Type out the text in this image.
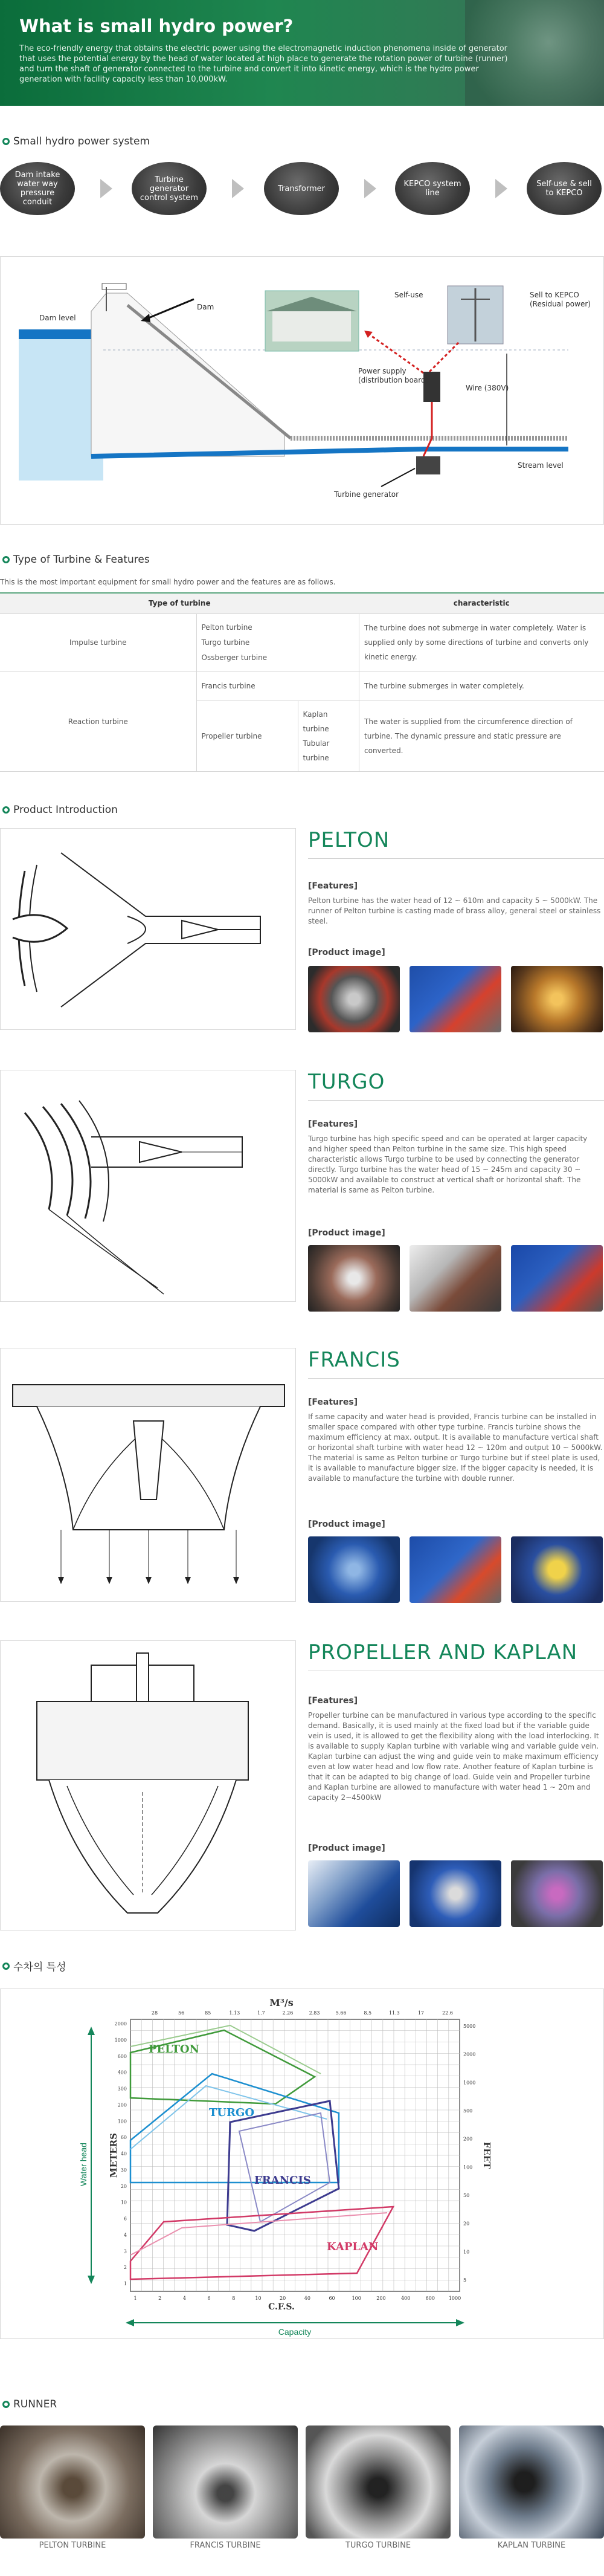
What is small hydro power?

The eco-friendly energy that obtains the electric power using the electromagnetic induction phenomena inside of generator that uses the potential energy by the head of water located at high place to generate the rotation power of turbine (runner) and turn the shaft of generator connected to the turbine and convert it into kinetic energy, which is the hydro power generation with facility capacity less than 10,000kW.

Small hydro power system
Dam intake water way pressure conduit
Turbine generator control system
Transformer	KEPCO system line
Self-use & sell to KEPCO
Dam level
Dam
Self-use	Sell to KEPCO (Residual power)
Power supply (distribution board)
Wire (380V)
Stream level
Turbine generator
Type of Turbine & Features
This is the most important equipment for small hydro power and the features are as follows.
Type of turbine			characteristic
Impulse turbine	Pelton turbine
Turgo turbine
Ossberger turbine		The turbine does not submerge in water completely. Water is supplied only by some directions of turbine and converts only kinetic energy.
Reaction turbine	Francis turbine		The turbine submerges in water completely.
	Propeller turbine	Kaplan turbine
Tubular turbine	The water is supplied from the circumference direction of turbine. The dynamic pressure and static pressure are converted.
Product Introduction
PELTON
[Features]
Pelton turbine has the water head of 12 ~ 610m and capacity 5 ~ 5000kW. The runner of Pelton turbine is casting made of brass alloy, general steel or stainless steel.
[Product image]
TURGO
[Features]
Turgo turbine has high specific speed and can be operated at larger capacity and higher speed than Pelton turbine in the same size. This high speed characteristic allows Turgo turbine to be used by connecting the generator directly. Turgo turbine has the water head of 15 ~ 245m and capacity 30 ~ 5000kW and available to construct at vertical shaft or horizontal shaft. The material is same as Pelton turbine.
[Product image]
FRANCIS
[Features]
If same capacity and water head is provided, Francis turbine can be installed in smaller space compared with other type turbine. Francis turbine shows the maximum efficiency at max. output. It is available to manufacture vertical shaft or horizontal shaft turbine with water head 12 ~ 120m and output 10 ~ 5000kW. The material is same as Pelton turbine or Turgo turbine but if steel plate is used, it is available to manufacture bigger size. If the bigger capacity is needed, it is available to manufacture the turbine with double runner.
[Product image]
PROPELLER AND KAPLAN
[Features]
Propeller turbine can be manufactured in various type according to the specific demand. Basically, it is used mainly at the fixed load but if the variable guide vein is used, it is allowed to get the flexibility along with the load interlocking. It is available to supply Kaplan turbine with variable wing and variable guide vein. Kaplan turbine can adjust the wing and guide vein to make maximum efficiency even at low water head and low flow rate. Another feature of Kaplan turbine is that it can be adapted to big change of load. Guide vein and Propeller turbine and Kaplan turbine are allowed to manufacture with water head 1 ~ 20m and capacity 2~4500kW
[Product image]
수차의 특성
28	56	85	1.13	1.7	2.26	2.83	5.66	8.5	11.3	17	22.6
2000
1000
600
400
300
200
100
60
40
30
20
10
6
4
3
2
1
5000
2000
1000
500
200
100
50
20
10
5
1	2	4	6	8	10	20	40	60	100	200	400	600	1000
M³/s
C.F.S.
METERS	FEET
Water head
Capacity
PELTON
TURGO
FRANCIS
KAPLAN
RUNNER
PELTON TURBINE	FRANCIS TURBINE	TURGO TURBINE	KAPLAN TURBINE
